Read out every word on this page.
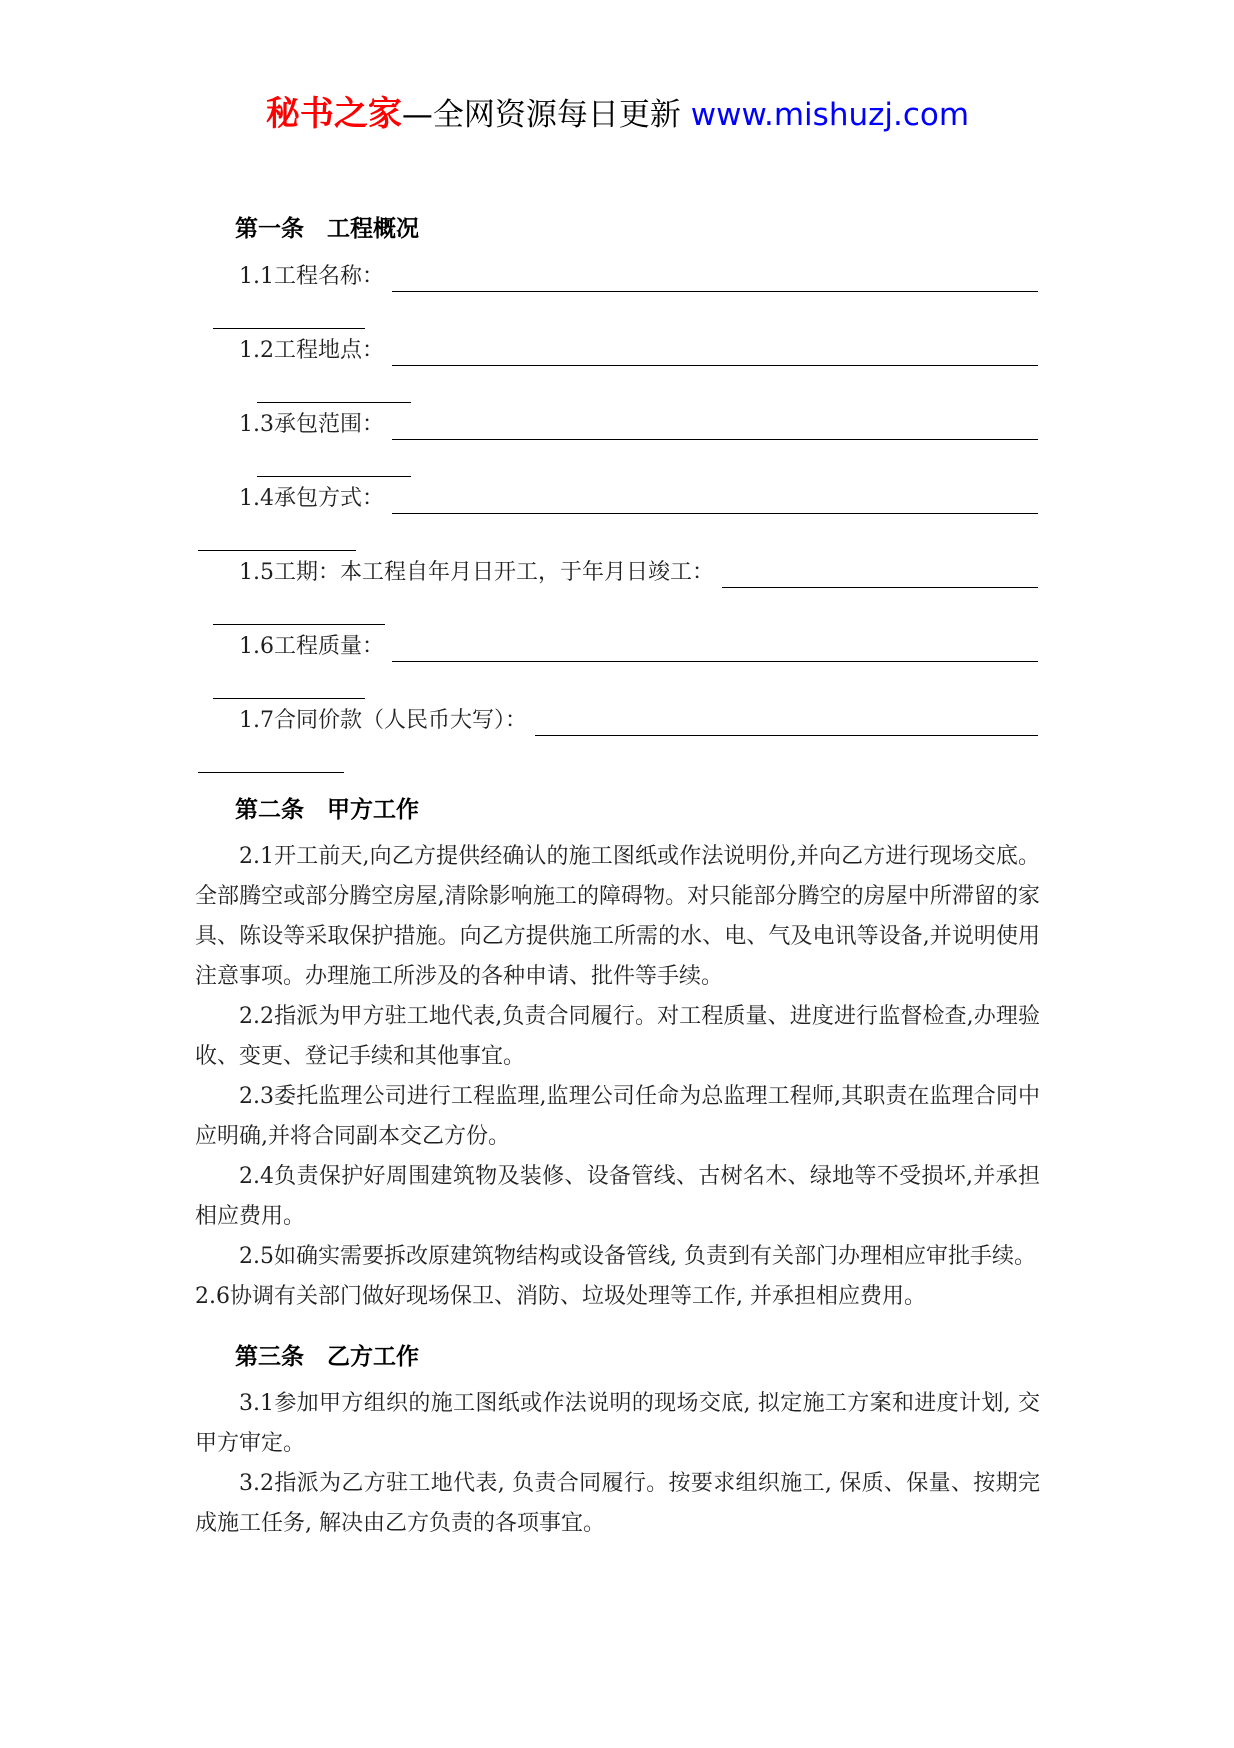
秘书之家—全网资源每日更新 www.mishuzj.com
第一条　工程概况
1.1工程名称：
1.2工程地点：
1.3承包范围：
1.4承包方式：
1.5工期：本工程自年月日开工，于年月日竣工：
1.6工程质量：
1.7合同价款（人民币大写）：
第二条　甲方工作

2.1开工前天,向乙方提供经确认的施工图纸或作法说明份,并向乙方进行现场交底。全部腾空或部分腾空房屋,清除影响施工的障碍物。对只能部分腾空的房屋中所滞留的家具、陈设等采取保护措施。向乙方提供施工所需的水、电、气及电讯等设备,并说明使用注意事项。办理施工所涉及的各种申请、批件等手续。

2.2指派为甲方驻工地代表,负责合同履行。对工程质量、进度进行监督检查,办理验收、变更、登记手续和其他事宜。

2.3委托监理公司进行工程监理,监理公司任命为总监理工程师,其职责在监理合同中应明确,并将合同副本交乙方份。

2.4负责保护好周围建筑物及装修、设备管线、古树名木、绿地等不受损坏,并承担相应费用。

2.5如确实需要拆改原建筑物结构或设备管线, 负责到有关部门办理相应审批手续。

2.6协调有关部门做好现场保卫、消防、垃圾处理等工作, 并承担相应费用。

第三条　乙方工作

3.1参加甲方组织的施工图纸或作法说明的现场交底, 拟定施工方案和进度计划, 交甲方审定。

3.2指派为乙方驻工地代表, 负责合同履行。按要求组织施工, 保质、保量、按期完成施工任务, 解决由乙方负责的各项事宜。
